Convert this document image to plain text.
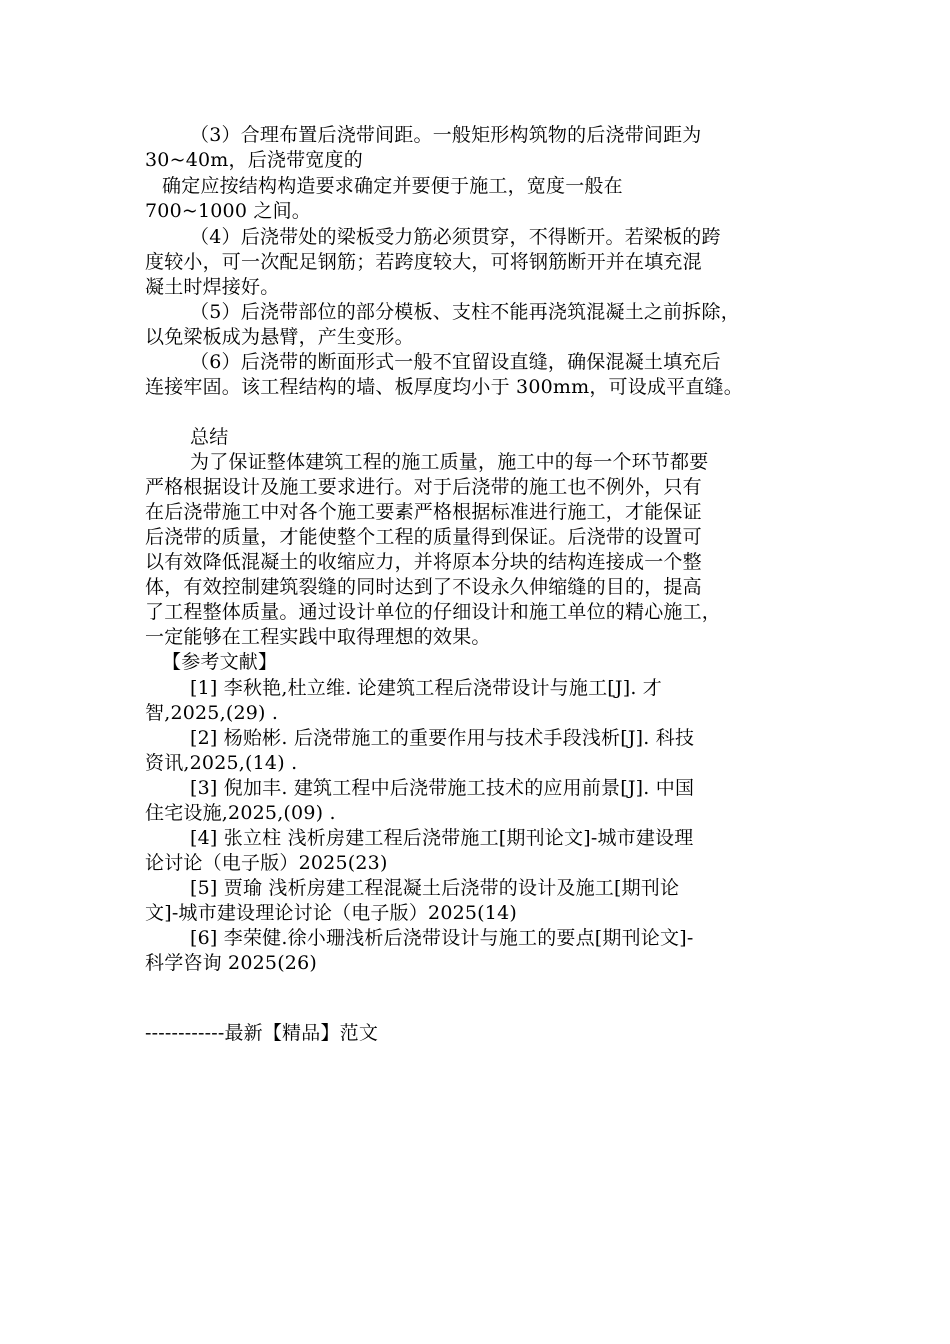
（3）合理布置后浇带间距。一般矩形构筑物的后浇带间距为
30~40m，后浇带宽度的
确定应按结构构造要求确定并要便于施工，宽度一般在
700~1000 之间。
（4）后浇带处的梁板受力筋必须贯穿，不得断开。若梁板的跨
度较小，可一次配足钢筋；若跨度较大，可将钢筋断开并在填充混
凝土时焊接好。
（5）后浇带部位的部分模板、支柱不能再浇筑混凝土之前拆除，
以免梁板成为悬臂，产生变形。
（6）后浇带的断面形式一般不宜留设直缝，确保混凝土填充后
连接牢固。该工程结构的墙、板厚度均小于 300mm，可设成平直缝。
总结
为了保证整体建筑工程的施工质量，施工中的每一个环节都要
严格根据设计及施工要求进行。对于后浇带的施工也不例外，只有
在后浇带施工中对各个施工要素严格根据标准进行施工，才能保证
后浇带的质量，才能使整个工程的质量得到保证。后浇带的设置可
以有效降低混凝土的收缩应力，并将原本分块的结构连接成一个整
体，有效控制建筑裂缝的同时达到了不设永久伸缩缝的目的，提高
了工程整体质量。通过设计单位的仔细设计和施工单位的精心施工，
一定能够在工程实践中取得理想的效果。
【参考文献】
[1] 李秋艳,杜立维. 论建筑工程后浇带设计与施工[J]. 才
智,2025,(29) .
[2] 杨贻彬. 后浇带施工的重要作用与技术手段浅析[J]. 科技
资讯,2025,(14) .
[3] 倪加丰. 建筑工程中后浇带施工技术的应用前景[J]. 中国
住宅设施,2025,(09) .
[4] 张立柱 浅析房建工程后浇带施工[期刊论文]-城市建设理
论讨论（电子版）2025(23)
[5] 贾瑜 浅析房建工程混凝土后浇带的设计及施工[期刊论
文]-城市建设理论讨论（电子版）2025(14)
[6] 李荣健.徐小珊浅析后浇带设计与施工的要点[期刊论文]-
科学咨询 2025(26)
------------最新【精品】范文
